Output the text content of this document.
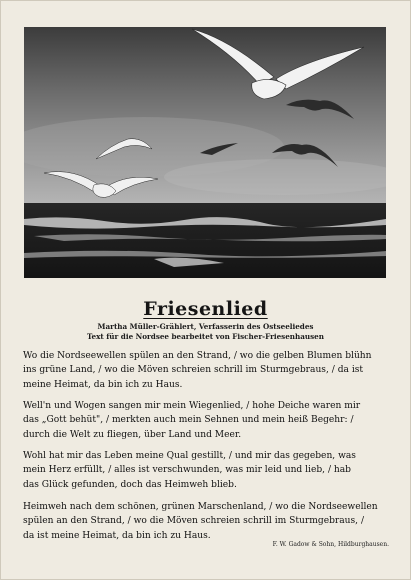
Friesenlied
Martha Müller-Grählert, Verfasserin des Ostseeliedes
Text für die Nordsee bearbeitet von Fischer-Friesenhausen
Wo die Nordseewellen spülen an den Strand, / wo die gelben Blumen blühn
ins grüne Land, / wo die Möven schreien schrill im Sturmgebraus, / da ist
meine Heimat, da bin ich zu Haus.
Well'n und Wogen sangen mir mein Wiegenlied, / hohe Deiche waren mir
das „Gott behüt", / merkten auch mein Sehnen und mein heiß Begehr: /
durch die Welt zu fliegen, über Land und Meer.
Wohl hat mir das Leben meine Qual gestillt, / und mir das gegeben, was
mein Herz erfüllt, / alles ist verschwunden, was mir leid und lieb, / hab
das Glück gefunden, doch das Heimweh blieb.
Heimweh nach dem schönen, grünen Marschenland, / wo die Nordseewellen
spülen an den Strand, / wo die Möven schreien schrill im Sturmgebraus, /
da ist meine Heimat, da bin ich zu Haus.
F. W. Gadow & Sohn, Hildburghausen.
